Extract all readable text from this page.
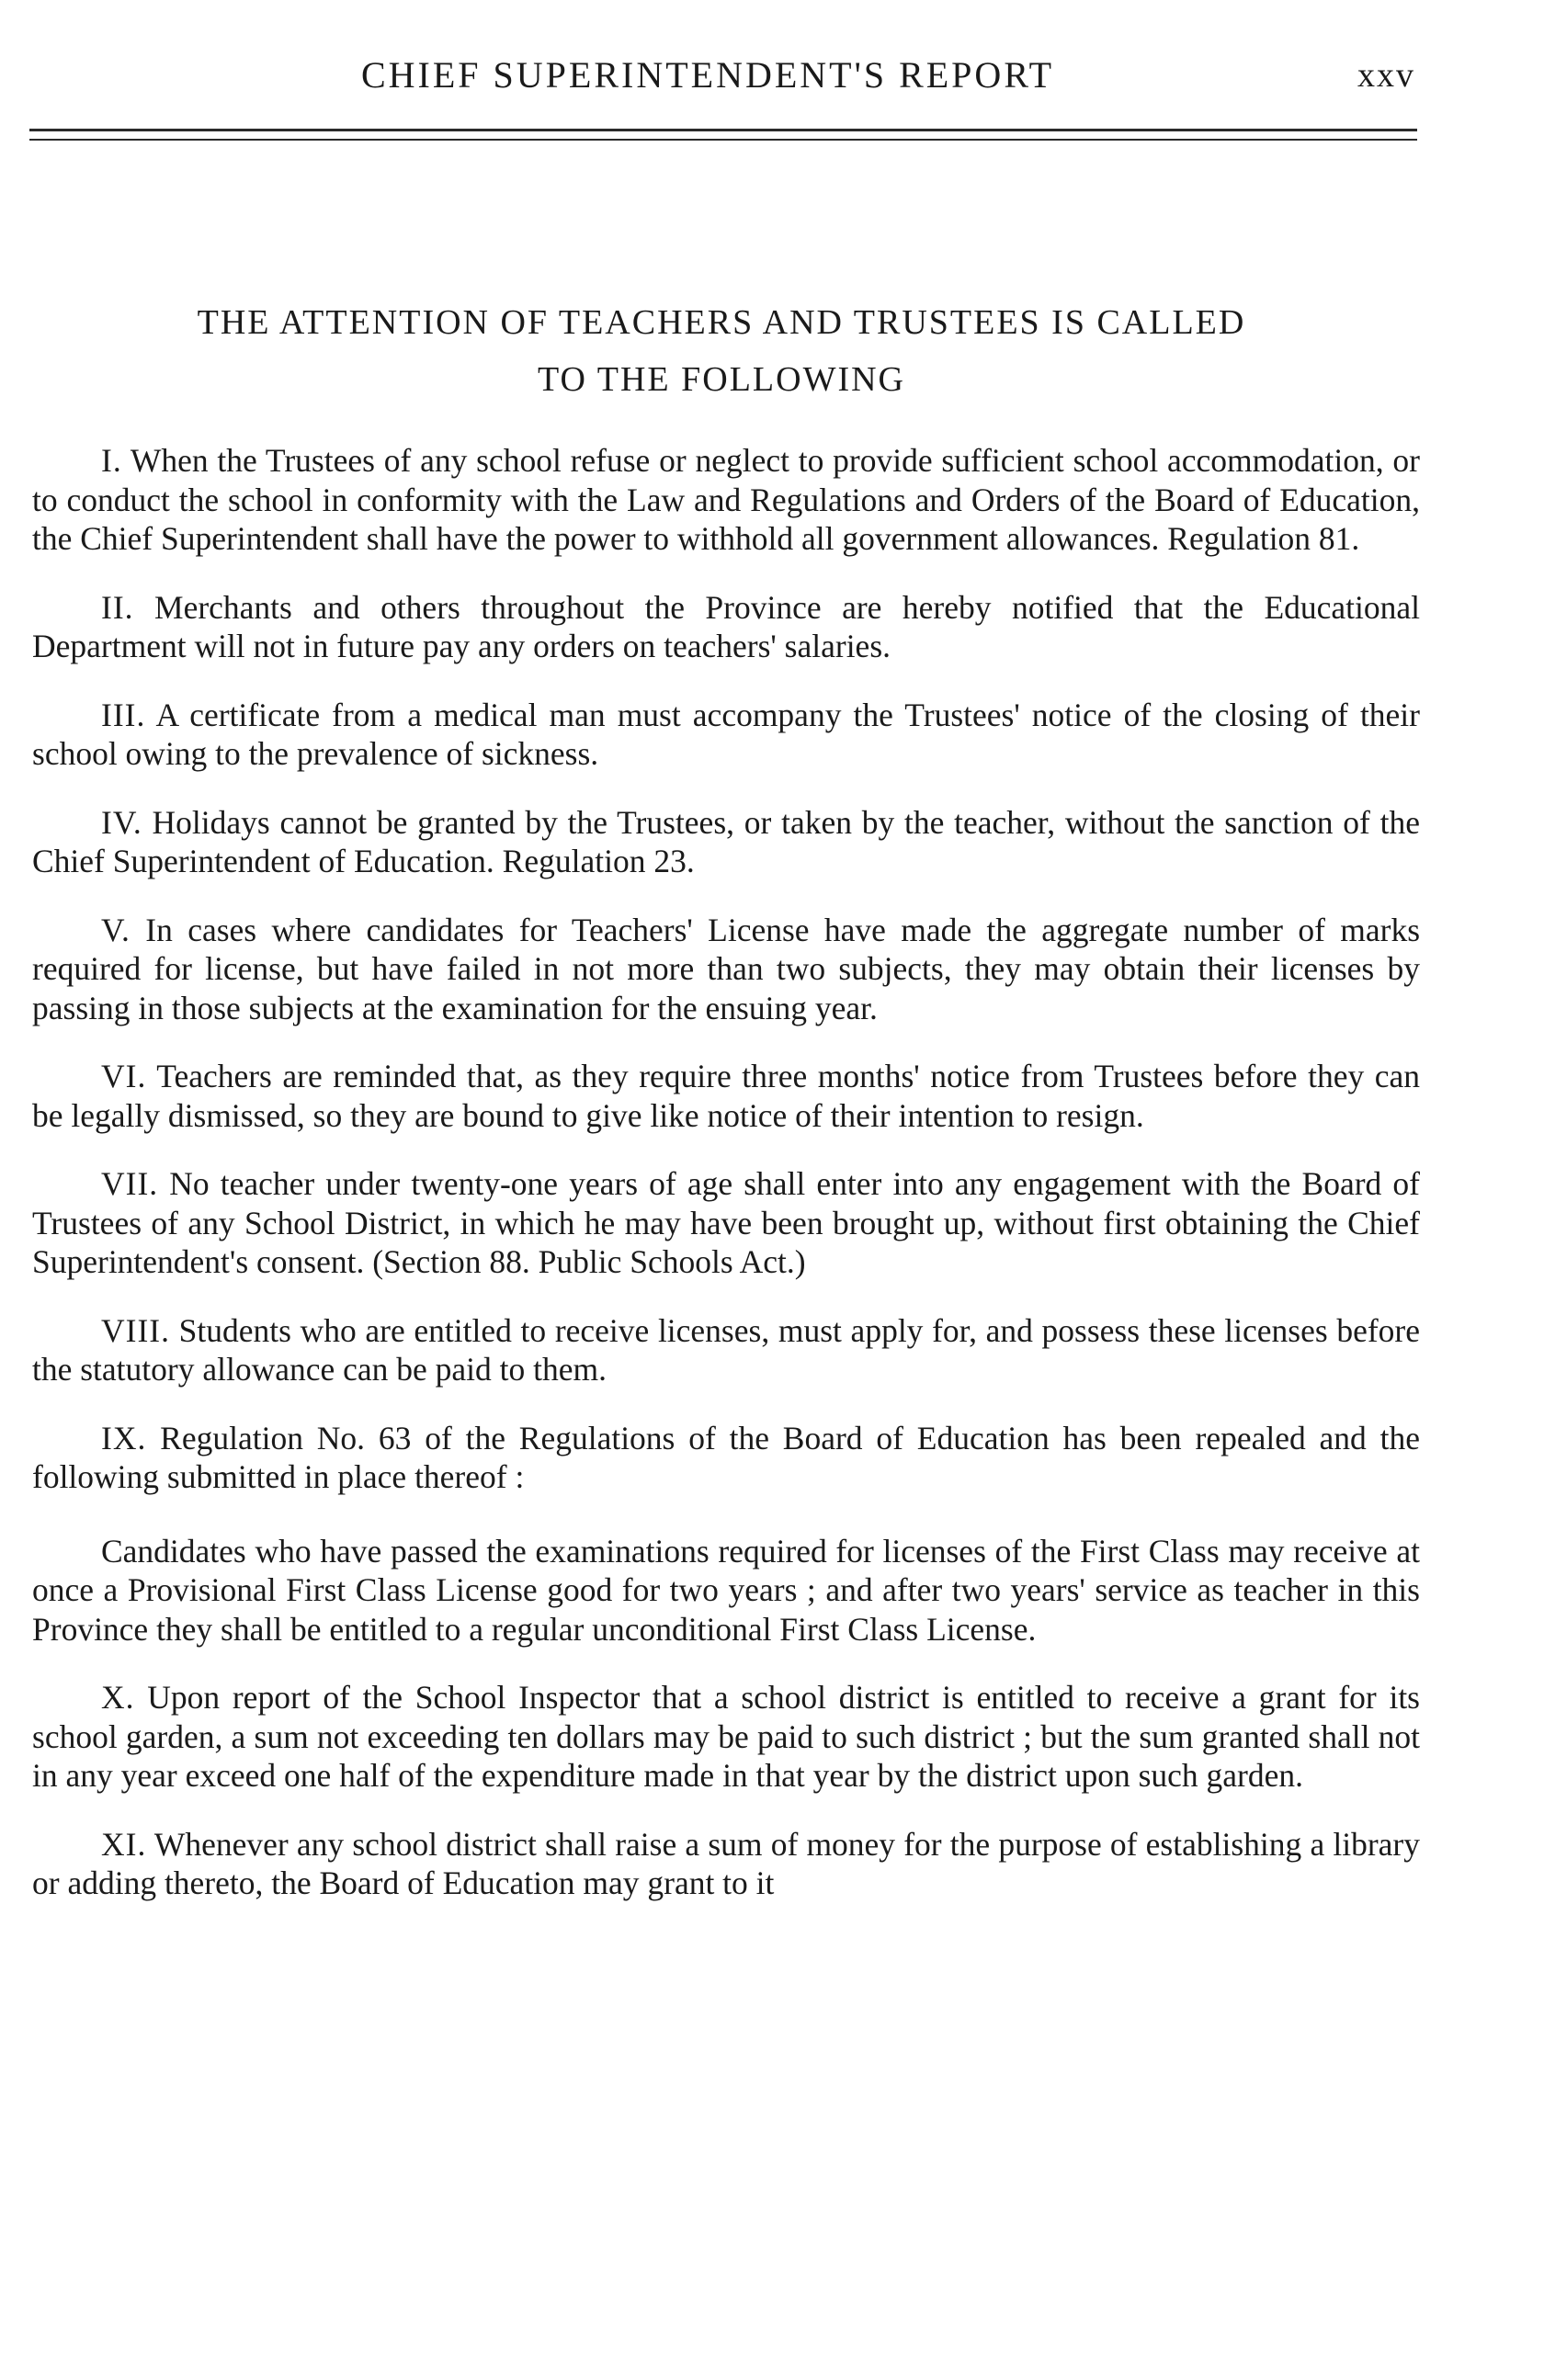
CHIEF SUPERINTENDENT'S REPORT	xxv
THE ATTENTION OF TEACHERS AND TRUSTEES IS CALLED
TO THE FOLLOWING

I. When the Trustees of any school refuse or neglect to provide sufficient school accommodation, or to conduct the school in conformity with the Law and Regulations and Orders of the Board of Education, the Chief Superintendent shall have the power to withhold all government allowances. Regulation 81.

II. Merchants and others throughout the Province are hereby notified that the Educational Department will not in future pay any orders on teachers' salaries.

III. A certificate from a medical man must accompany the Trustees' notice of the closing of their school owing to the prevalence of sickness.

IV. Holidays cannot be granted by the Trustees, or taken by the teacher, without the sanction of the Chief Superintendent of Education. Regulation 23.

V. In cases where candidates for Teachers' License have made the aggregate number of marks required for license, but have failed in not more than two subjects, they may obtain their licenses by passing in those subjects at the examination for the ensuing year.

VI. Teachers are reminded that, as they require three months' notice from Trustees before they can be legally dismissed, so they are bound to give like notice of their intention to resign.

VII. No teacher under twenty-one years of age shall enter into any engagement with the Board of Trustees of any School District, in which he may have been brought up, without first obtaining the Chief Superintendent's consent. (Section 88. Public Schools Act.)

VIII. Students who are entitled to receive licenses, must apply for, and possess these licenses before the statutory allowance can be paid to them.

IX. Regulation No. 63 of the Regulations of the Board of Education has been repealed and the following submitted in place thereof :

Candidates who have passed the examinations required for licenses of the First Class may receive at once a Provisional First Class License good for two years ; and after two years' service as teacher in this Province they shall be entitled to a regular unconditional First Class License.

X. Upon report of the School Inspector that a school district is entitled to receive a grant for its school garden, a sum not exceeding ten dollars may be paid to such district ; but the sum granted shall not in any year exceed one half of the expenditure made in that year by the district upon such garden.

XI. Whenever any school district shall raise a sum of money for the purpose of establishing a library or adding thereto, the Board of Education may grant to it
